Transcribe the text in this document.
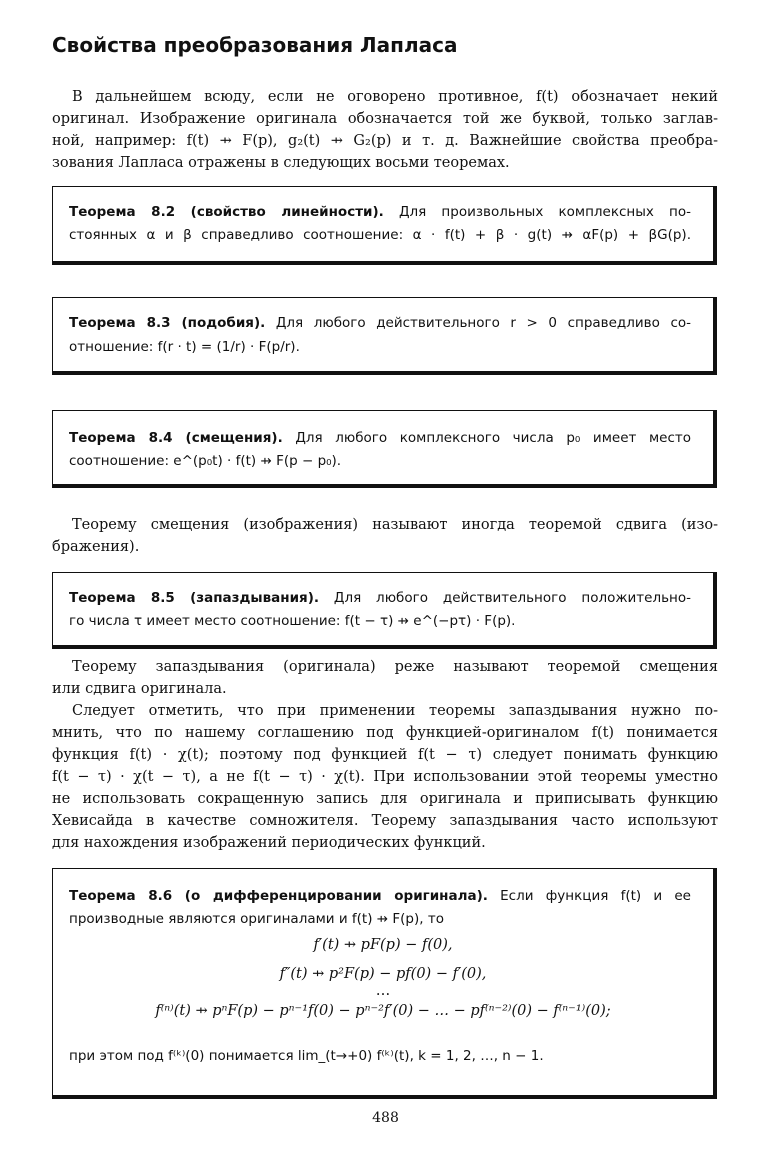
Свойства преобразования Лапласа
В дальнейшем всюду, если не оговорено противное, f(t) обозначает некий
оригинал. Изображение оригинала обозначается той же буквой, только заглав-
ной, например: f(t) ⇸ F(p), g₂(t) ⇸ G₂(p) и т. д. Важнейшие свойства преобра-
зования Лапласа отражены в следующих восьми теоремах.
Теорема 8.2 (свойство линейности). Для произвольных комплексных по-
стоянных α и β справедливо соотношение: α · f(t) + β · g(t) ⇸ αF(p) + βG(p).
Теорема 8.3 (подобия). Для любого действительного r > 0 справедливо со-
отношение: f(r · t) = (1/r) · F(p/r).
Теорема 8.4 (смещения). Для любого комплексного числа p₀ имеет место
соотношение: e^(p₀t) · f(t) ⇸ F(p − p₀).
Теорему смещения (изображения) называют иногда теоремой сдвига (изо-
бражения).
Теорема 8.5 (запаздывания). Для любого действительного положительно-
го числа τ имеет место соотношение: f(t − τ) ⇸ e^(−pτ) · F(p).
Теорему запаздывания (оригинала) реже называют теоремой смещения
или сдвига оригинала.
Следует отметить, что при применении теоремы запаздывания нужно по-
мнить, что по нашему соглашению под функцией-оригиналом f(t) понимается
функция f(t) · χ(t); поэтому под функцией f(t − τ) следует понимать функцию
f(t − τ) · χ(t − τ), а не f(t − τ) · χ(t). При использовании этой теоремы уместно
не использовать сокращенную запись для оригинала и приписывать функцию
Хевисайда в качестве сомножителя. Теорему запаздывания часто используют
для нахождения изображений периодических функций.
Теорема 8.6 (о дифференцировании оригинала). Если функция f(t) и ее
производные являются оригиналами и f(t) ⇸ F(p), то
f′(t) ⇸ pF(p) − f(0),
f″(t) ⇸ p²F(p) − pf(0) − f′(0),
…
f⁽ⁿ⁾(t) ⇸ pⁿF(p) − pⁿ⁻¹f(0) − pⁿ⁻²f′(0) − … − pf⁽ⁿ⁻²⁾(0) − f⁽ⁿ⁻¹⁾(0);
при этом под f⁽ᵏ⁾(0) понимается lim_(t→+0) f⁽ᵏ⁾(t), k = 1, 2, …, n − 1.
488
